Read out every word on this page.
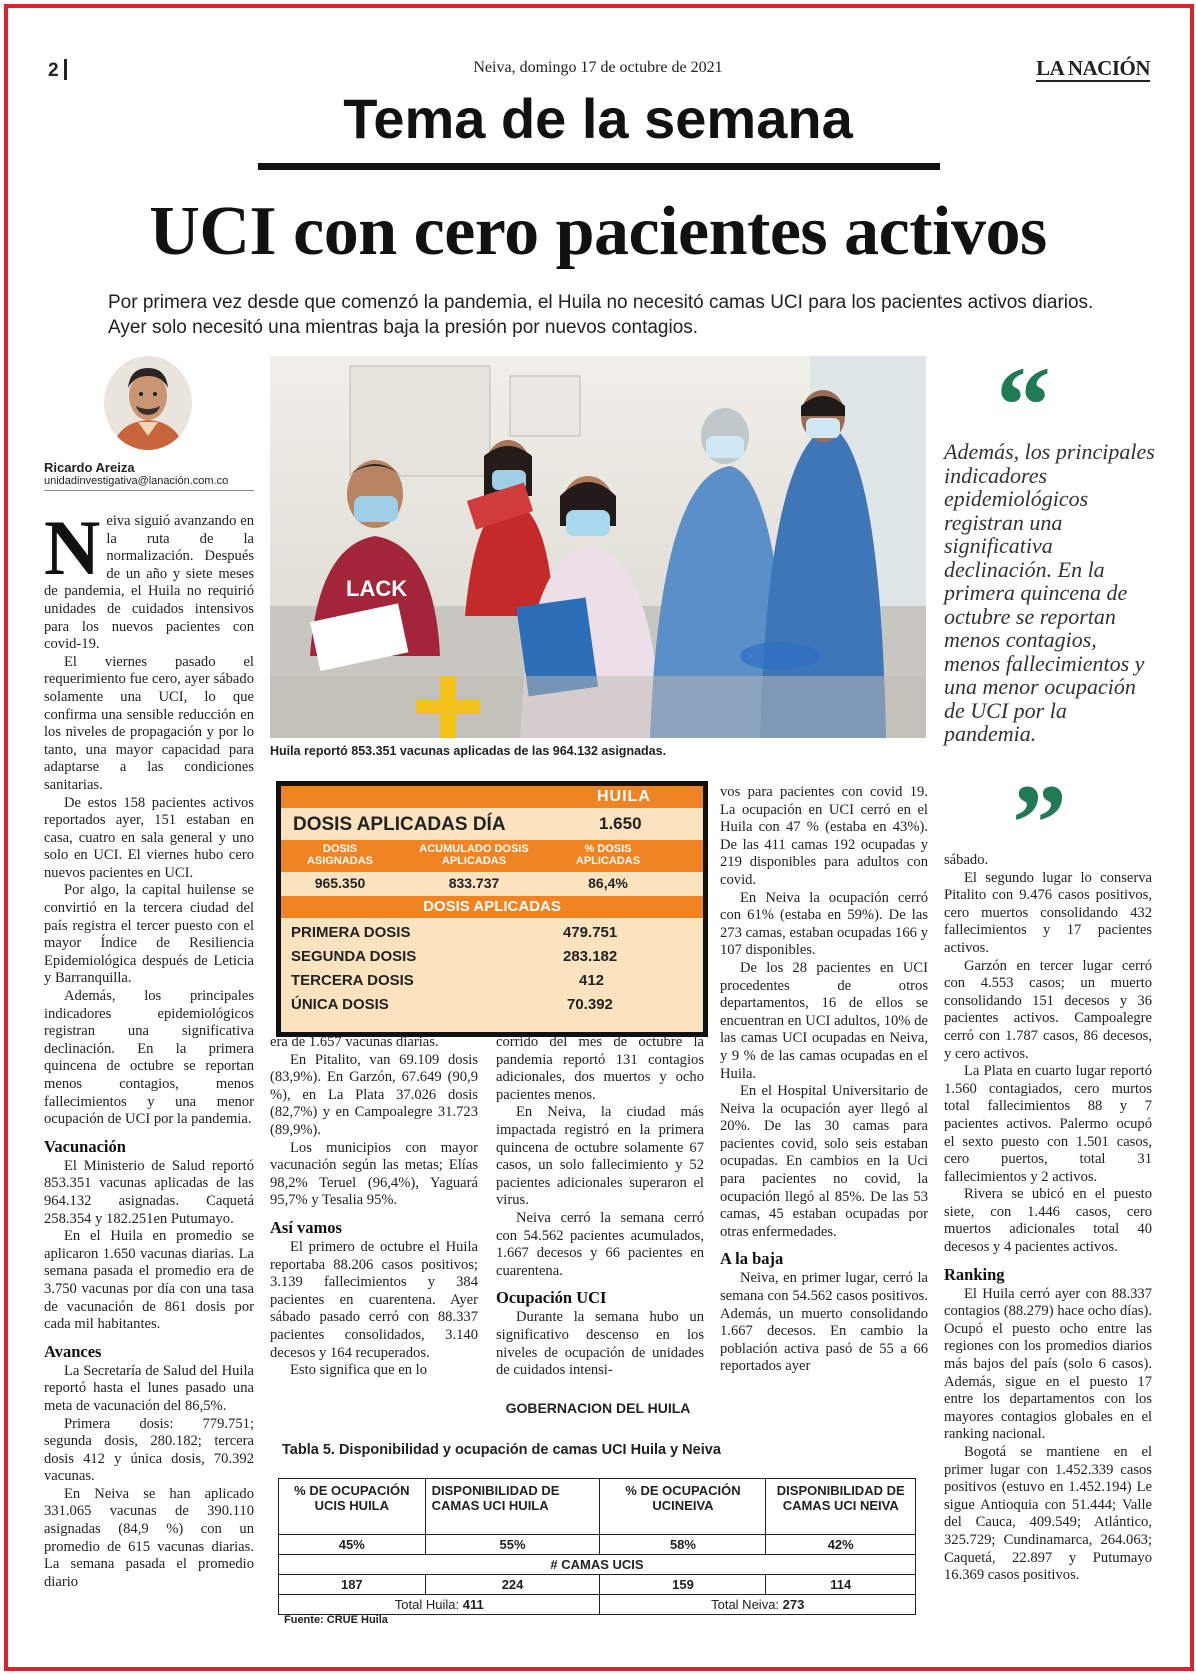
2	Neiva, domingo 17 de octubre de 2021	LA NACIÓN
Tema de la semana
UCI con cero pacientes activos
Por primera vez desde que comenzó la pandemia, el Huila no necesitó camas UCI para los pacientes activos diarios. Ayer solo necesitó una mientras baja la presión por nuevos contagios.
Ricardo Areiza
unidadinvestigativa@lanación.com.co

Neiva siguió avanzando en la ruta de la normalización. Después de un año y siete meses de pandemia, el Huila no requirió unidades de cuidados intensivos para los nuevos pacientes con covid-19.

El viernes pasado el requerimiento fue cero, ayer sábado solamente una UCI, lo que confirma una sensible reducción en los niveles de propagación y por lo tanto, una mayor capacidad para adaptarse a las condiciones sanitarias.

De estos 158 pacientes activos reportados ayer, 151 estaban en casa, cuatro en sala general y uno solo en UCI. El viernes hubo cero nuevos pacientes en UCI.

Por algo, la capital huilense se convirtió en la tercera ciudad del país registra el tercer puesto con el mayor Índice de Resiliencia Epidemiológica después de Leticia y Barranquilla.

Además, los principales indicadores epidemiológicos registran una significativa declinación. En la primera quincena de octubre se reportan menos contagios, menos fallecimientos y una menor ocupación de UCI por la pandemia.

Vacunación

El Ministerio de Salud reportó 853.351 vacunas aplicadas de las 964.132 asignadas. Caquetá 258.354 y 182.251en Putumayo.

En el Huila en promedio se aplicaron 1.650 vacunas diarias. La semana pasada el promedio era de 3.750 vacunas por día con una tasa de vacunación de 861 dosis por cada mil habitantes.

Avances

La Secretaría de Salud del Huila reportó hasta el lunes pasado una meta de vacunación del 86,5%.

Primera dosis: 779.751; segunda dosis, 280.182; tercera dosis 412 y única dosis, 70.392 vacunas.

En Neiva se han aplicado 331.065 vacunas de 390.110 asignadas (84,9 %) con un promedio de 615 vacunas diarias. La semana pasada el promedio diario

LACK
Huila reportó 853.351 vacunas aplicadas de las 964.132 asignadas.
“
Además, los principales indicadores epidemiológicos registran una significativa declinación. En la primera quincena de octubre se reportan menos contagios, menos fallecimientos y una menor ocupación de UCI por la pandemia.
”
HUILA
DOSIS APLICADAS DÍA	1.650
DOSIS ASIGNADAS
ACUMULADO DOSIS APLICADAS
% DOSIS APLICADAS
965.350	833.737	86,4%
DOSIS APLICADAS
PRIMERA DOSIS	479.751
SEGUNDA DOSIS	283.182
TERCERA DOSIS	412
ÚNICA DOSIS	70.392

era de 1.657 vacunas diarias.

En Pitalito, van 69.109 dosis (83,9%). En Garzón, 67.649 (90,9 %), en La Plata 37.026 dosis (82,7%) y en Campoalegre 31.723 (89,9%).

Los municipios con mayor vacunación según las metas; Elías 98,2% Teruel (96,4%), Yaguará 95,7% y Tesalia 95%.

Así vamos

El primero de octubre el Huila reportaba 88.206 casos positivos; 3.139 fallecimientos y 384 pacientes en cuarentena. Ayer sábado pasado cerró con 88.337 pacientes consolidados, 3.140 decesos y 164 recuperados.

Esto significa que en lo

corrido del mes de octubre la pandemia reportó 131 contagios adicionales, dos muertos y ocho pacientes menos.

En Neiva, la ciudad más impactada registró en la primera quincena de octubre solamente 67 casos, un solo fallecimiento y 52 pacientes adicionales superaron el virus.

Neiva cerró la semana cerró con 54.562 pacientes acumulados, 1.667 decesos y 66 pacientes en cuarentena.

Ocupación UCI

Durante la semana hubo un significativo descenso en los niveles de ocupación de unidades de cuidados intensi-

vos para pacientes con covid 19. La ocupación en UCI cerró en el Huila con 47 % (estaba en 43%). De las 411 camas 192 ocupadas y 219 disponibles para adultos con covid.

En Neiva la ocupación cerró con 61% (estaba en 59%). De las 273 camas, estaban ocupadas 166 y 107 disponibles.

De los 28 pacientes en UCI procedentes de otros departamentos, 16 de ellos se encuentran en UCI adultos, 10% de las camas UCI ocupadas en Neiva, y 9 % de las camas ocupadas en el Huila.

En el Hospital Universitario de Neiva la ocupación ayer llegó al 20%. De las 30 camas para pacientes covid, solo seis estaban ocupadas. En cambios en la Uci para pacientes no covid, la ocupación llegó al 85%. De las 53 camas, 45 estaban ocupadas por otras enfermedades.

A la baja

Neiva, en primer lugar, cerró la semana con 54.562 casos positivos. Además, un muerto consolidando 1.667 decesos. En cambio la población activa pasó de 55 a 66 reportados ayer

sábado.

El segundo lugar lo conserva Pitalito con 9.476 casos positivos, cero muertos consolidando 432 fallecimientos y 17 pacientes activos.

Garzón en tercer lugar cerró con 4.553 casos; un muerto consolidando 151 decesos y 36 pacientes activos. Campoalegre cerró con 1.787 casos, 86 decesos, y cero activos.

La Plata en cuarto lugar reportó 1.560 contagiados, cero murtos total fallecimientos 88 y 7 pacientes activos. Palermo ocupó el sexto puesto con 1.501 casos, cero puertos, total 31 fallecimientos y 2 activos.

Rivera se ubicó en el puesto siete, con 1.446 casos, cero muertos adicionales total 40 decesos y 4 pacientes activos.

Ranking

El Huila cerró ayer con 88.337 contagios (88.279) hace ocho días). Ocupó el puesto ocho entre las regiones con los promedios diarios más bajos del país (solo 6 casos). Además, sigue en el puesto 17 entre los departamentos con los mayores contagios globales en el ranking nacional.

Bogotá se mantiene en el primer lugar con 1.452.339 casos positivos (estuvo en 1.452.194) Le sigue Antioquia con 51.444; Valle del Cauca, 409.549; Atlántico, 325.729; Cundinamarca, 264.063; Caquetá, 22.897 y Putumayo 16.369 casos positivos.

GOBERNACION DEL HUILA
Tabla 5. Disponibilidad y ocupación de camas UCI Huila y Neiva
% DE OCUPACIÓN UCIS HUILA	DISPONIBILIDAD DE CAMAS UCI HUILA	% DE OCUPACIÓN UCINEIVA	DISPONIBILIDAD DE CAMAS UCI NEIVA
45%	55%	58%	42%
# CAMAS UCIS			
187	224	159	114
Total Huila: 411		Total Neiva: 273	
Fuente: CRUE Huila
